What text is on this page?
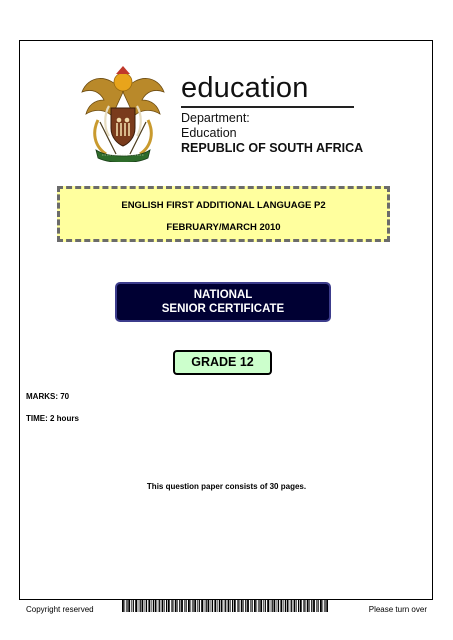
education
Department:
Education
REPUBLIC OF SOUTH AFRICA
ENGLISH FIRST ADDITIONAL LANGUAGE P2
FEBRUARY/MARCH 2010
NATIONAL
SENIOR CERTIFICATE
GRADE 12
MARKS: 70
TIME: 2 hours
This question paper consists of 30 pages.
Copyright reserved	Please turn over
